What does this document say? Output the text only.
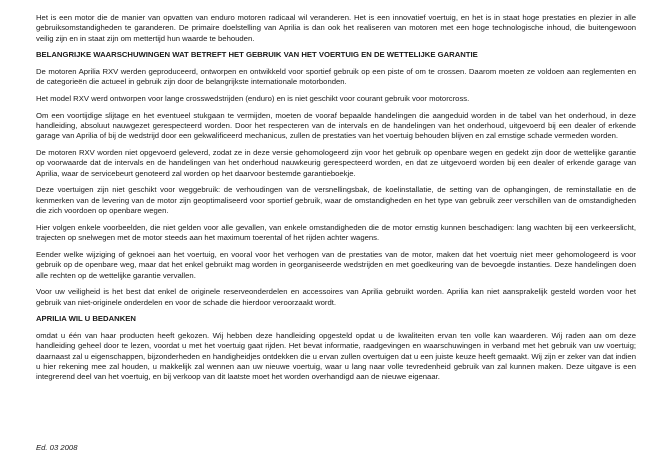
Het is een motor die de manier van opvatten van enduro motoren radicaal wil veranderen. Het is een innovatief voertuig, en het is in staat hoge prestaties en plezier in alle gebruiksomstandigheden te garanderen. De primaire doelstelling van Aprilia is dan ook het realiseren van motoren met een hoge technologische inhoud, die buitengewoon veilig zijn en in staat zijn om mettertijd hun waarde te behouden.

BELANGRIJKE WAARSCHUWINGEN WAT BETREFT HET GEBRUIK VAN HET VOERTUIG EN DE WETTELIJKE GARANTIE

De motoren Aprilia RXV werden geproduceerd, ontworpen en ontwikkeld voor sportief gebruik op een piste of om te crossen. Daarom moeten ze voldoen aan reglementen en de categorieën die actueel in gebruik zijn door de belangrijkste internationale motorbonden.

Het model RXV werd ontworpen voor lange crosswedstrijden (enduro) en is niet geschikt voor courant gebruik voor motorcross.

Om een voortijdige slijtage en het eventueel stukgaan te vermijden, moeten de vooraf bepaalde handelingen die aangeduid worden in de tabel van het onderhoud, in deze handleiding, absoluut nauwgezet gerespecteerd worden. Door het respecteren van de intervals en de handelingen van het onderhoud, uitgevoerd bij een dealer of erkende garage van Aprilia of bij de wedstrijd door een gekwalificeerd mechanicus, zullen de prestaties van het voertuig behouden blijven en zal ernstige schade vermeden worden.

De motoren RXV worden niet opgevoerd geleverd, zodat ze in deze versie gehomologeerd zijn voor het gebruik op openbare wegen en gedekt zijn door de wettelijke garantie op voorwaarde dat de intervals en de handelingen van het onderhoud nauwkeurig gerespecteerd worden, en dat ze uitgevoerd worden bij een dealer of erkende garage van Aprilia, waar de servicebeurt genoteerd zal worden op het daarvoor bestemde garantieboekje.

Deze voertuigen zijn niet geschikt voor weggebruik: de verhoudingen van de versnellingsbak, de koelinstallatie, de setting van de ophangingen, de reminstallatie en de kenmerken van de levering van de motor zijn geoptimaliseerd voor sportief gebruik, waar de omstandigheden en het type van gebruik zeer verschillen van de omstandigheden die zich voordoen op openbare wegen.

Hier volgen enkele voorbeelden, die niet gelden voor alle gevallen, van enkele omstandigheden die de motor ernstig kunnen beschadigen: lang wachten bij een verkeerslicht, trajecten op snelwegen met de motor steeds aan het maximum toerental of het rijden achter wagens.

Eender welke wijziging of geknoei aan het voertuig, en vooral voor het verhogen van de prestaties van de motor, maken dat het voertuig niet meer gehomologeerd is voor gebruik op de openbare weg, maar dat het enkel gebruikt mag worden in georganiseerde wedstrijden en met goedkeuring van de bevoegde instanties. Deze handelingen doen alle rechten op de wettelijke garantie vervallen.

Voor uw veiligheid is het best dat enkel de originele reserveonderdelen en accessoires van Aprilia gebruikt worden. Aprilia kan niet aansprakelijk gesteld worden voor het gebruik van niet-originele onderdelen en voor de schade die hierdoor veroorzaakt wordt.

APRILIA WIL U BEDANKEN

omdat u één van haar producten heeft gekozen. Wij hebben deze handleiding opgesteld opdat u de kwaliteiten ervan ten volle kan waarderen. Wij raden aan om deze handleiding geheel door te lezen, voordat u met het voertuig gaat rijden. Het bevat informatie, raadgevingen en waarschuwingen in verband met het gebruik van uw voertuig; daarnaast zal u eigenschappen, bijzonderheden en handigheidjes ontdekken die u ervan zullen overtuigen dat u een juiste keuze heeft gemaakt. Wij zijn er zeker van dat indien u hier rekening mee zal houden, u makkelijk zal wennen aan uw nieuwe voertuig, waar u lang naar volle tevredenheid gebruik van zal kunnen maken. Deze uitgave is een integrerend deel van het voertuig, en bij verkoop van dit laatste moet het worden overhandigd aan de nieuwe eigenaar.

Ed. 03 2008
